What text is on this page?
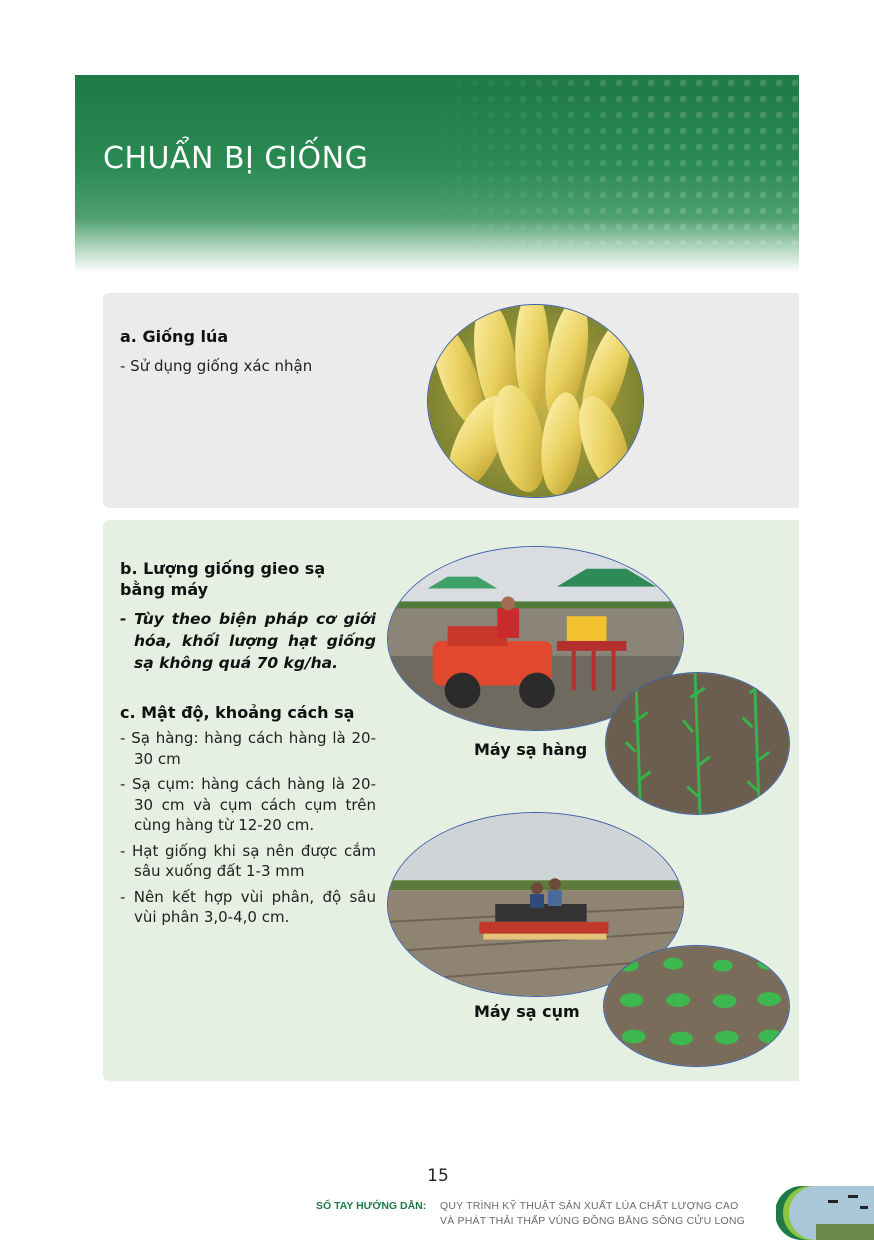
CHUẨN BỊ GIỐNG
a. Giống lúa
- Sử dụng giống xác nhận
b. Lượng giống gieo sạ bằng máy
- Tùy theo biện pháp cơ giới hóa, khối lượng hạt giống sạ không quá 70 kg/ha.
c. Mật độ, khoảng cách sạ
- Sạ hàng: hàng cách hàng là 20-30 cm
- Sạ cụm: hàng cách hàng là 20-30 cm và cụm cách cụm trên cùng hàng từ 12-20 cm.
- Hạt giống khi sạ nên được cắm sâu xuống đất 1-3 mm
- Nên kết hợp vùi phân, độ sâu vùi phân 3,0-4,0 cm.
Máy sạ hàng
Máy sạ cụm
15
SỐ TAY HƯỚNG DẪN: QUY TRÌNH KỸ THUẬT SẢN XUẤT LÚA CHẤT LƯỢNG CAO
VÀ PHÁT THẢI THẤP VÙNG ĐỒNG BẰNG SÔNG CỬU LONG
